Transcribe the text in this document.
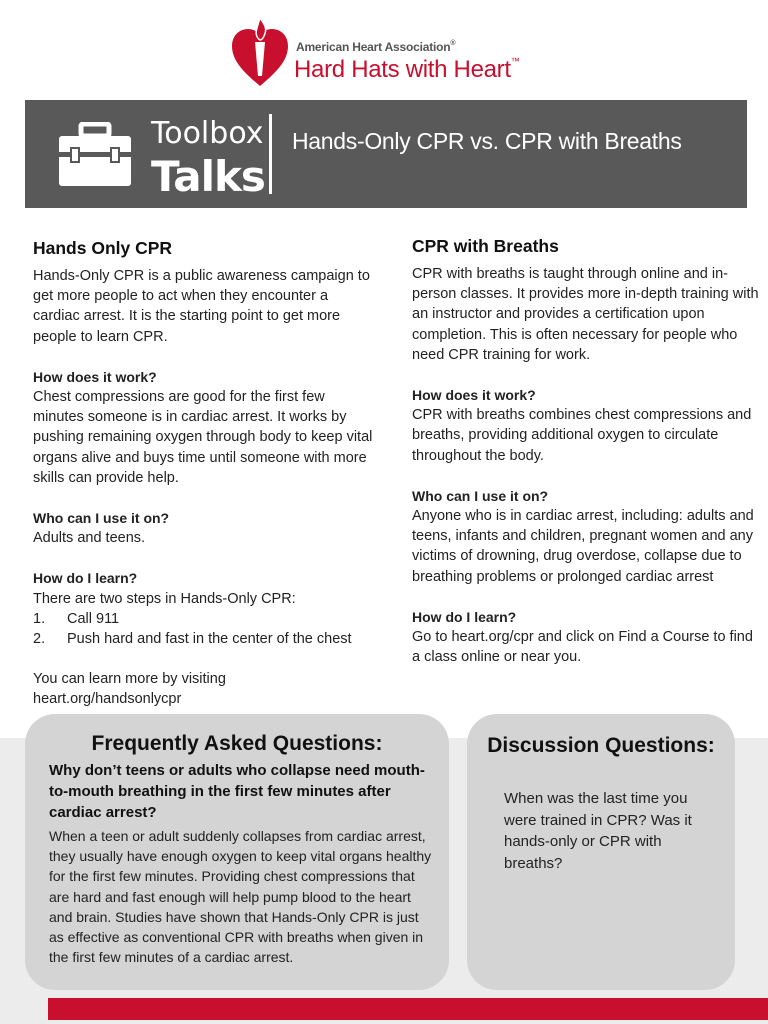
American Heart Association®
Hard Hats with Heart™
Toolbox
Talks
Hands-Only CPR vs. CPR with Breaths
Hands Only CPR

Hands-Only CPR is a public awareness campaign to get more people to act when they encounter a cardiac arrest. It is the starting point to get more people to learn CPR.

How does it work?

Chest compressions are good for the first few minutes someone is in cardiac arrest. It works by pushing remaining oxygen through body to keep vital organs alive and buys time until someone with more skills can provide help.

Who can I use it on?

Adults and teens.

How do I learn?

There are two steps in Hands-Only CPR:

1.	Call 911
2.	Push hard and fast in the center of the chest

You can learn more by visiting

heart.org/handsonlycpr

CPR with Breaths

CPR with breaths is taught through online and in-person classes. It provides more in-depth training with an instructor and provides a certification upon completion. This is often necessary for people who need CPR training for work.

How does it work?

CPR with breaths combines chest compressions and breaths, providing additional oxygen to circulate throughout the body.

Who can I use it on?

Anyone who is in cardiac arrest, including: adults and teens, infants and children, pregnant women and any victims of drowning, drug overdose, collapse due to breathing problems or prolonged cardiac arrest

How do I learn?

Go to heart.org/cpr and click on Find a Course to find a class online or near you.

Frequently Asked Questions:
Why don’t teens or adults who collapse need mouth-to-mouth breathing in the first few minutes after cardiac arrest?
When a teen or adult suddenly collapses from cardiac arrest, they usually have enough oxygen to keep vital organs healthy for the first few minutes. Providing chest compressions that are hard and fast enough will help pump blood to the heart and brain. Studies have shown that Hands-Only CPR is just as effective as conventional CPR with breaths when given in the first few minutes of a cardiac arrest.
Discussion Questions:
When was the last time you were trained in CPR? Was it hands-only or CPR with breaths?
